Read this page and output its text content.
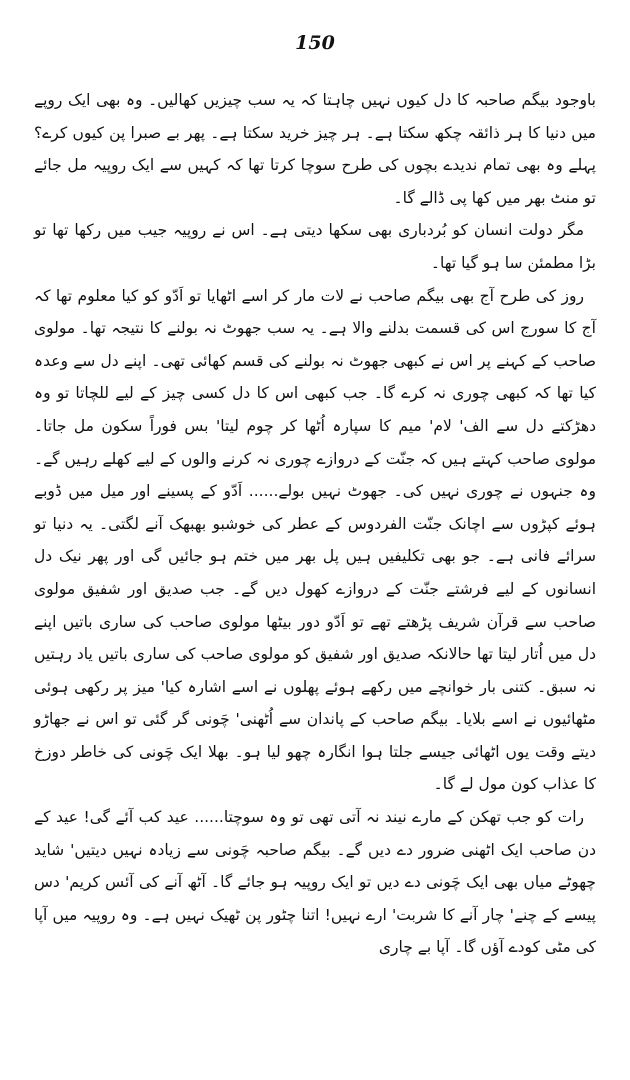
150

باوجود بیگم صاحبہ کا دل کیوں نہیں چاہتا کہ یہ سب چیزیں کھالیں۔ وہ بھی ایک روپے میں دنیا کا ہر ذائقہ چکھ سکتا ہے۔ ہر چیز خرید سکتا ہے۔ پھر بے صبرا پن کیوں کرے؟ پہلے وہ بھی تمام ندیدے بچوں کی طرح سوچا کرتا تھا کہ کہیں سے ایک روپیہ مل جائے تو منٹ بھر میں کھا پی ڈالے گا۔

مگر دولت انسان کو بُردباری بھی سکھا دیتی ہے۔ اس نے روپیہ جیب میں رکھا تھا تو بڑا مطمئن سا ہو گیا تھا۔

روز کی طرح آج بھی بیگم صاحب نے لات مار کر اسے اٹھایا تو اَدّو کو کیا معلوم تھا کہ آج کا سورج اس کی قسمت بدلنے والا ہے۔ یہ سب جھوٹ نہ بولنے کا نتیجہ تھا۔ مولوی صاحب کے کہنے پر اس نے کبھی جھوٹ نہ بولنے کی قسم کھائی تھی۔ اپنے دل سے وعدہ کیا تھا کہ کبھی چوری نہ کرے گا۔ جب کبھی اس کا دل کسی چیز کے لیے للچاتا تو وہ دھڑکتے دل سے الف' لام' میم کا سپارہ اُٹھا کر چوم لیتا' بس فوراً سکون مل جاتا۔ مولوی صاحب کہتے ہیں کہ جنّت کے دروازے چوری نہ کرنے والوں کے لیے کھلے رہیں گے۔ وہ جنہوں نے چوری نہیں کی۔ جھوٹ نہیں بولے...... اَدّو کے پسینے اور میل میں ڈوبے ہوئے کپڑوں سے اچانک جنّت الفردوس کے عطر کی خوشبو بھبھک آنے لگتی۔ یہ دنیا تو سرائے فانی ہے۔ جو بھی تکلیفیں ہیں پل بھر میں ختم ہو جائیں گی اور پھر نیک دل انسانوں کے لیے فرشتے جنّت کے دروازے کھول دیں گے۔ جب صدیق اور شفیق مولوی صاحب سے قرآن شریف پڑھتے تھے تو اَدّو دور بیٹھا مولوی صاحب کی ساری باتیں اپنے دل میں اُتار لیتا تھا حالانکہ صدیق اور شفیق کو مولوی صاحب کی ساری باتیں یاد رہتیں نہ سبق۔ کتنی بار خوانچے میں رکھے ہوئے پھلوں نے اسے اشارہ کیا' میز پر رکھی ہوئی مٹھائیوں نے اسے بلایا۔ بیگم صاحب کے پاندان سے اُٹھنی' چَونی گر گئی تو اس نے جھاڑو دیتے وقت یوں اٹھائی جیسے جلتا ہوا انگارہ چھو لیا ہو۔ بھلا ایک چَونی کی خاطر دوزخ کا عذاب کون مول لے گا۔

رات کو جب تھکن کے مارے نیند نہ آتی تھی تو وہ سوچتا...... عید کب آئے گی! عید کے دن صاحب ایک اٹھنی ضرور دے دیں گے۔ بیگم صاحبہ چَونی سے زیادہ نہیں دیتیں' شاید چھوٹے میاں بھی ایک چَونی دے دیں تو ایک روپیہ ہو جائے گا۔ آٹھ آنے کی آئس کریم' دس پیسے کے چنے' چار آنے کا شربت' ارے نہیں! اتنا چٹور پن ٹھیک نہیں ہے۔ وہ روپیہ میں آپا کی مٹی کودے آؤں گا۔ آپا بے چاری
